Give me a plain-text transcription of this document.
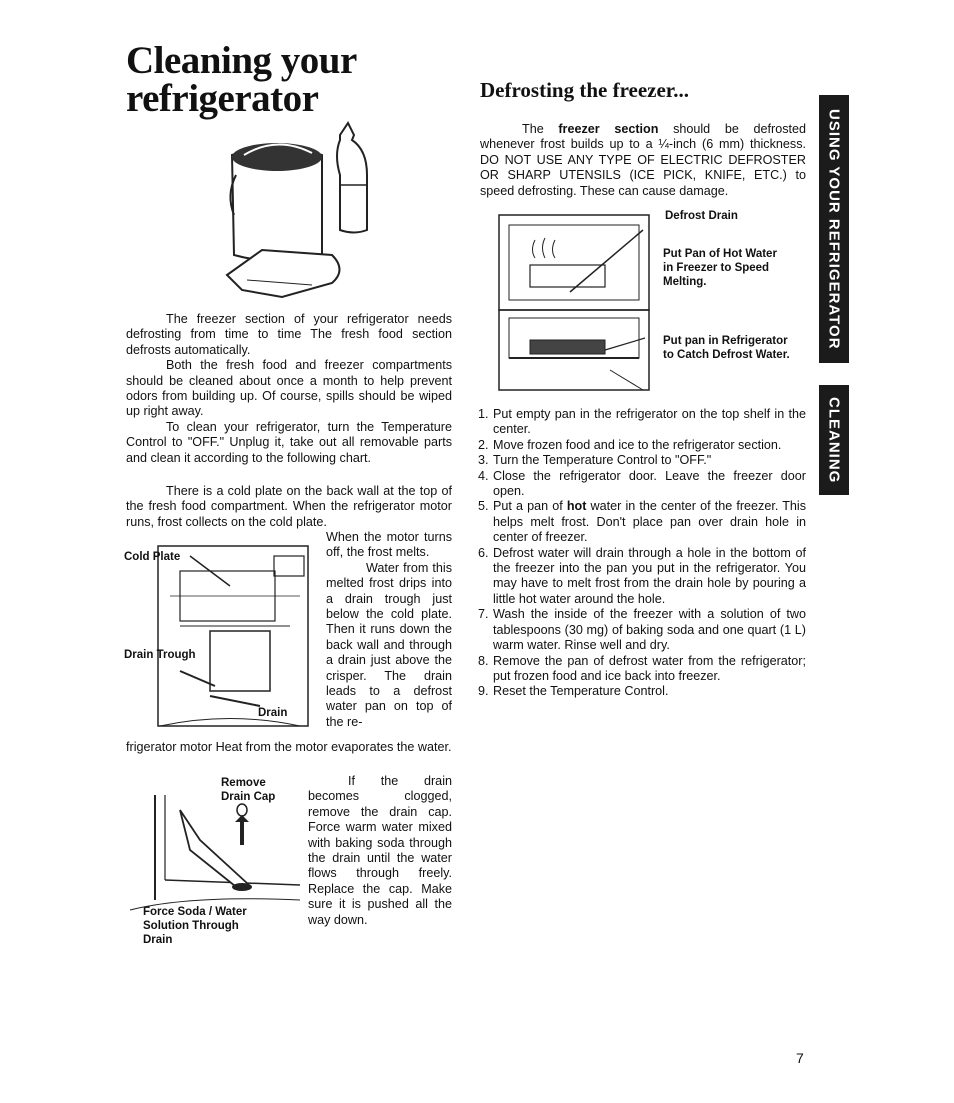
Cleaning your
refrigerator	Defrosting the freezer...

The freezer section of your refrigerator needs defrosting from time to time The fresh food section defrosts automatically.

Both the fresh food and freezer compartments should be cleaned about once a month to help prevent odors from building up. Of course, spills should be wiped up right away.

To clean your refrigerator, turn the Temperature Control to "OFF." Unplug it, take out all removable parts and clean it according to the following chart.

There is a cold plate on the back wall at the top of the fresh food compartment. When the refrigerator motor runs, frost collects on the cold plate.

Cold Plate
Drain Trough
Drain

When the motor turns off, the frost melts.

Water from this melted frost drips into a drain trough just below the cold plate. Then it runs down the back wall and through a drain just above the crisper. The drain leads to a defrost water pan on top of the re-

frigerator motor Heat from the motor evaporates the water.

Remove
Drain Cap
Force Soda / Water
Solution Through
Drain

If the drain becomes clogged, remove the drain cap. Force warm water mixed with baking soda through the drain until the water flows through freely. Replace the cap. Make sure it is pushed all the way down.

The freezer section should be defrosted whenever frost builds up to a ¼-inch (6 mm) thickness. DO NOT USE ANY TYPE OF ELECTRIC DEFROSTER OR SHARP UTENSILS (ICE PICK, KNIFE, ETC.) to speed defrosting. These can cause damage.

Defrost Drain
Put Pan of Hot Water
in Freezer to Speed
Melting.
Put pan in Refrigerator
to Catch Defrost Water.
1. Put empty pan in the refrigerator on the top shelf in the center.
2. Move frozen food and ice to the refrigerator section.
3. Turn the Temperature Control to "OFF."
4. Close the refrigerator door. Leave the freezer door open.
5. Put a pan of hot water in the center of the freezer. This helps melt frost. Don't place pan over drain hole in center of freezer.
6. Defrost water will drain through a hole in the bottom of the freezer into the pan you put in the refrigerator. You may have to melt frost from the drain hole by pouring a little hot water around the hole.
7. Wash the inside of the freezer with a solution of two tablespoons (30 mg) of baking soda and one quart (1 L) warm water. Rinse well and dry.
8. Remove the pan of defrost water from the refrigerator; put frozen food and ice back into freezer.
9. Reset the Temperature Control.
USING YOUR REFRIGERATOR
CLEANING
7
